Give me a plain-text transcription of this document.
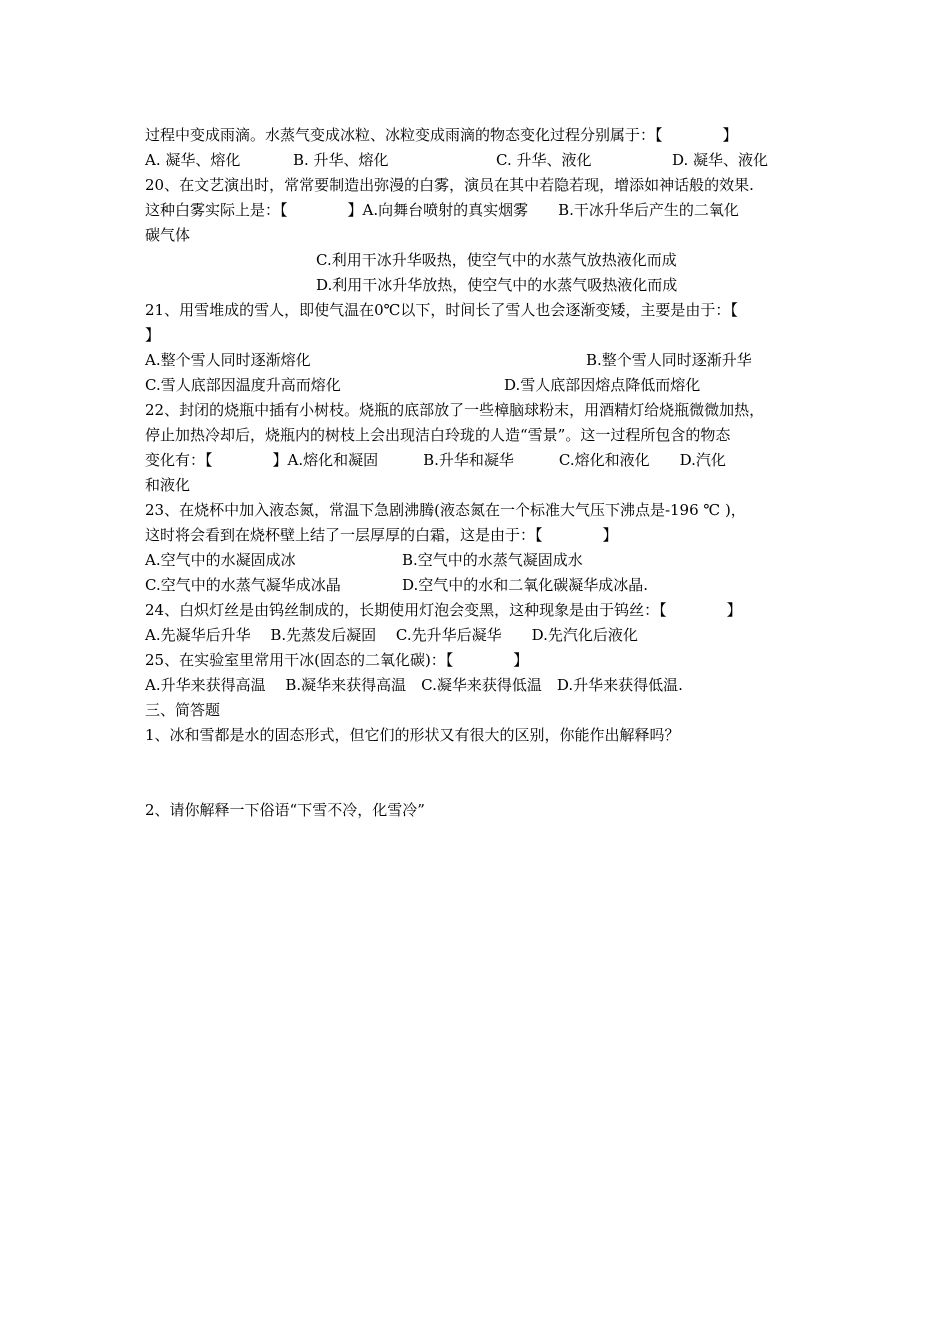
过程中变成雨滴。水蒸气变成冰粒、冰粒变成雨滴的物态变化过程分别属于：【　　　　】
A. 凝华、熔化	B. 升华、熔化	C. 升华、液化	D. 凝华、液化
20、在文艺演出时，常常要制造出弥漫的白雾，演员在其中若隐若现，增添如神话般的效果.
这种白雾实际上是：【　　　　】A.向舞台喷射的真实烟雾　　B.干冰升华后产生的二氧化
碳气体
C.利用干冰升华吸热，使空气中的水蒸气放热液化而成
D.利用干冰升华放热，使空气中的水蒸气吸热液化而成
21、用雪堆成的雪人，即使气温在0℃以下，时间长了雪人也会逐渐变矮，主要是由于：【
】
A.整个雪人同时逐渐熔化	B.整个雪人同时逐渐升华
C.雪人底部因温度升高而熔化	D.雪人底部因熔点降低而熔化
22、封闭的烧瓶中插有小树枝。烧瓶的底部放了一些樟脑球粉末，用酒精灯给烧瓶微微加热，
停止加热冷却后，烧瓶内的树枝上会出现洁白玲珑的人造“雪景”。这一过程所包含的物态
变化有：【　　　　】A.熔化和凝固　　　B.升华和凝华　　　C.熔化和液化　　D.汽化
和液化
23、在烧杯中加入液态氮，常温下急剧沸腾(液态氮在一个标准大气压下沸点是-196 ℃ )，
这时将会看到在烧杯壁上结了一层厚厚的白霜，这是由于：【　　　　】
A.空气中的水凝固成冰	B.空气中的水蒸气凝固成水
C.空气中的水蒸气凝华成冰晶	D.空气中的水和二氧化碳凝华成冰晶.
24、白炽灯丝是由钨丝制成的，长期使用灯泡会变黑，这种现象是由于钨丝：【　　　　】
A.先凝华后升华　 B.先蒸发后凝固　 C.先升华后凝华　　D.先汽化后液化
25、在实验室里常用干冰(固态的二氧化碳)：【　　　　】
A.升华来获得高温　 B.凝华来获得高温　C.凝华来获得低温　D.升华来获得低温.
三、简答题
1、冰和雪都是水的固态形式，但它们的形状又有很大的区别，你能作出解释吗？
2、请你解释一下俗语“下雪不冷，化雪冷”
